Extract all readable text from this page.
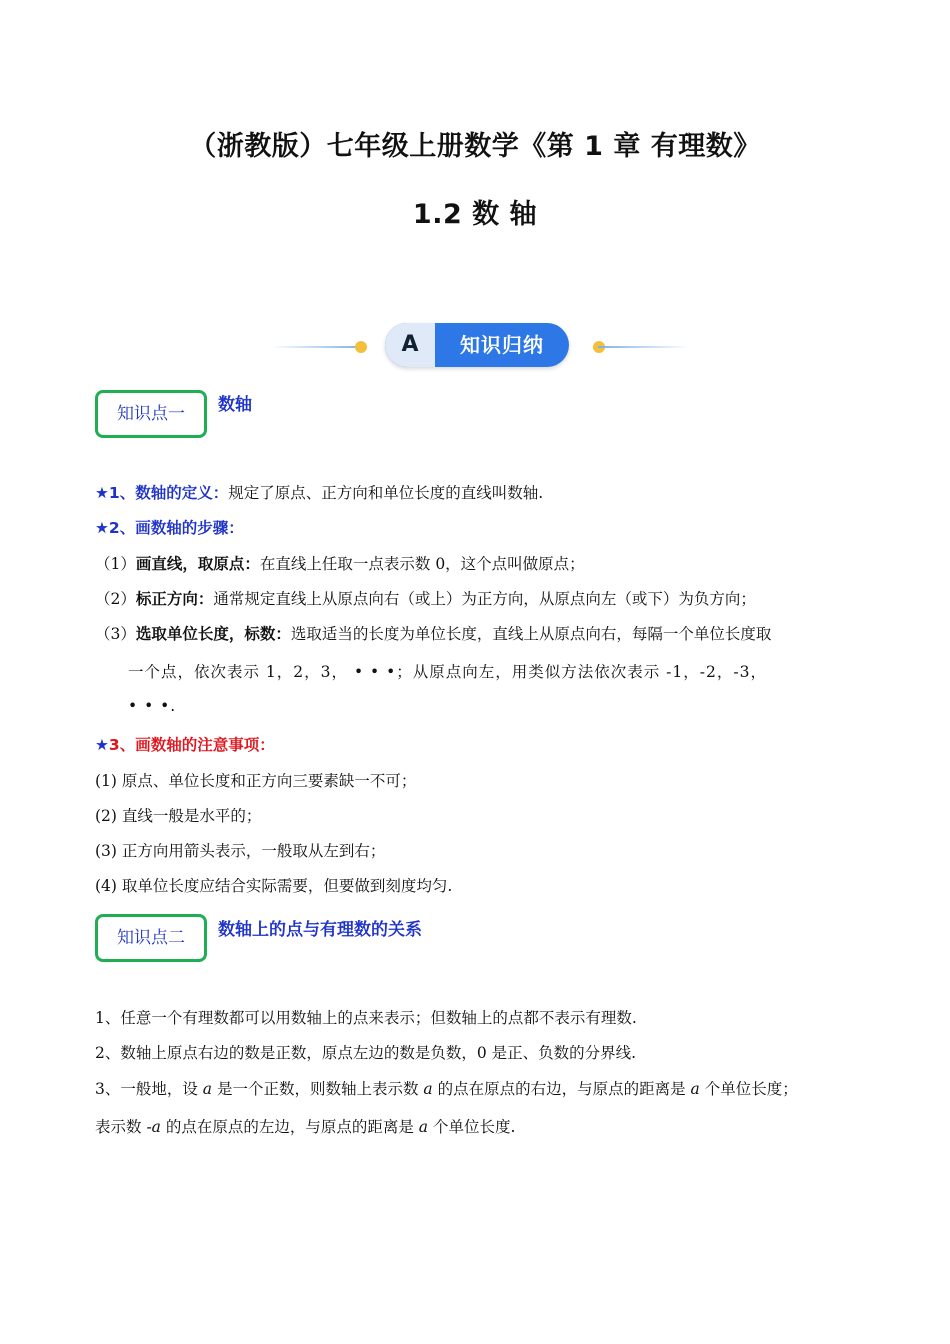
（浙教版）七年级上册数学《第 1 章 有理数》
1.2 数 轴
A	知识归纳
知识点一	数轴
★1、数轴的定义：规定了原点、正方向和单位长度的直线叫数轴.
★2、画数轴的步骤：
（1）画直线，取原点：在直线上任取一点表示数 0，这个点叫做原点；
（2）标正方向：通常规定直线上从原点向右（或上）为正方向，从原点向左（或下）为负方向；
（3）选取单位长度，标数：选取适当的长度为单位长度，直线上从原点向右，每隔一个单位长度取
一个点，依次表示 1，2，3， • • •；从原点向左，用类似方法依次表示 -1，-2，-3，
• • •.
★3、画数轴的注意事项：
(1) 原点、单位长度和正方向三要素缺一不可；
(2) 直线一般是水平的；
(3) 正方向用箭头表示，一般取从左到右；
(4) 取单位长度应结合实际需要，但要做到刻度均匀.
知识点二	数轴上的点与有理数的关系
1、任意一个有理数都可以用数轴上的点来表示；但数轴上的点都不表示有理数.
2、数轴上原点右边的数是正数，原点左边的数是负数，0 是正、负数的分界线.
3、一般地，设 a 是一个正数，则数轴上表示数 a 的点在原点的右边，与原点的距离是 a 个单位长度；
表示数 -a 的点在原点的左边，与原点的距离是 a 个单位长度.
